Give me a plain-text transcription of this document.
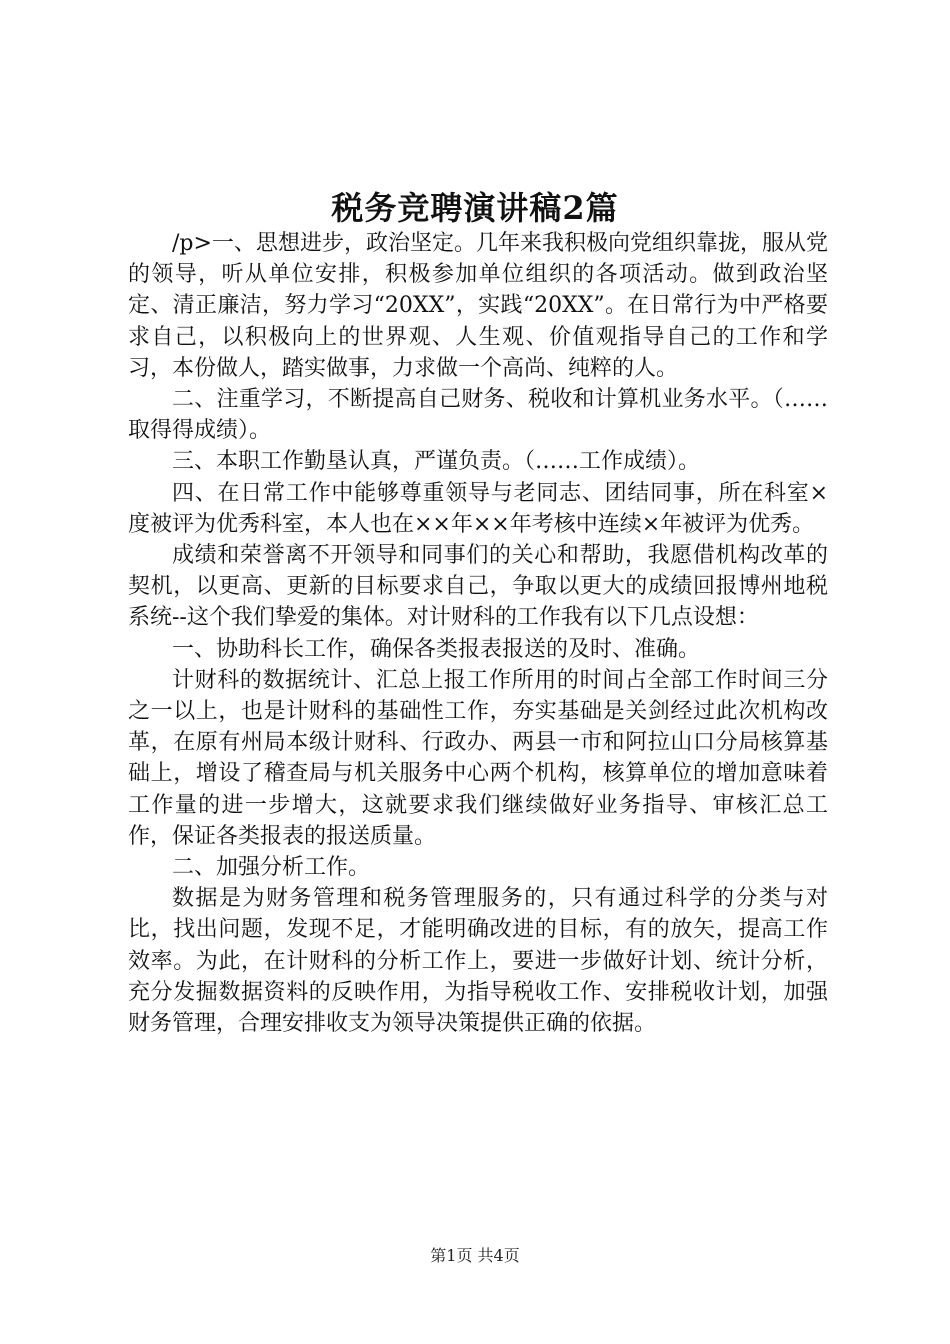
税务竞聘演讲稿2篇

/p>一、思想进步，政治坚定。几年来我积极向党组织靠拢，服从党的领导，听从单位安排，积极参加单位组织的各项活动。做到政治坚定、清正廉洁，努力学习“20XX”，实践“20XX”。在日常行为中严格要求自己，以积极向上的世界观、人生观、价值观指导自己的工作和学习，本份做人，踏实做事，力求做一个高尚、纯粹的人。

二、注重学习，不断提高自己财务、税收和计算机业务水平。（……取得得成绩）。

三、本职工作勤垦认真，严谨负责。（……工作成绩）。

四、在日常工作中能够尊重领导与老同志、团结同事，所在科室×度被评为优秀科室，本人也在××年××年考核中连续×年被评为优秀。

成绩和荣誉离不开领导和同事们的关心和帮助，我愿借机构改革的契机，以更高、更新的目标要求自己，争取以更大的成绩回报博州地税系统--这个我们挚爱的集体。对计财科的工作我有以下几点设想：

一、协助科长工作，确保各类报表报送的及时、准确。

计财科的数据统计、汇总上报工作所用的时间占全部工作时间三分之一以上，也是计财科的基础性工作，夯实基础是关剑经过此次机构改革，在原有州局本级计财科、行政办、两县一市和阿拉山口分局核算基础上，增设了稽查局与机关服务中心两个机构，核算单位的增加意味着工作量的进一步增大，这就要求我们继续做好业务指导、审核汇总工作，保证各类报表的报送质量。

二、加强分析工作。

数据是为财务管理和税务管理服务的，只有通过科学的分类与对比，找出问题，发现不足，才能明确改进的目标，有的放矢，提高工作效率。为此，在计财科的分析工作上，要进一步做好计划、统计分析，充分发掘数据资料的反映作用，为指导税收工作、安排税收计划，加强财务管理，合理安排收支为领导决策提供正确的依据。

第1页 共4页
